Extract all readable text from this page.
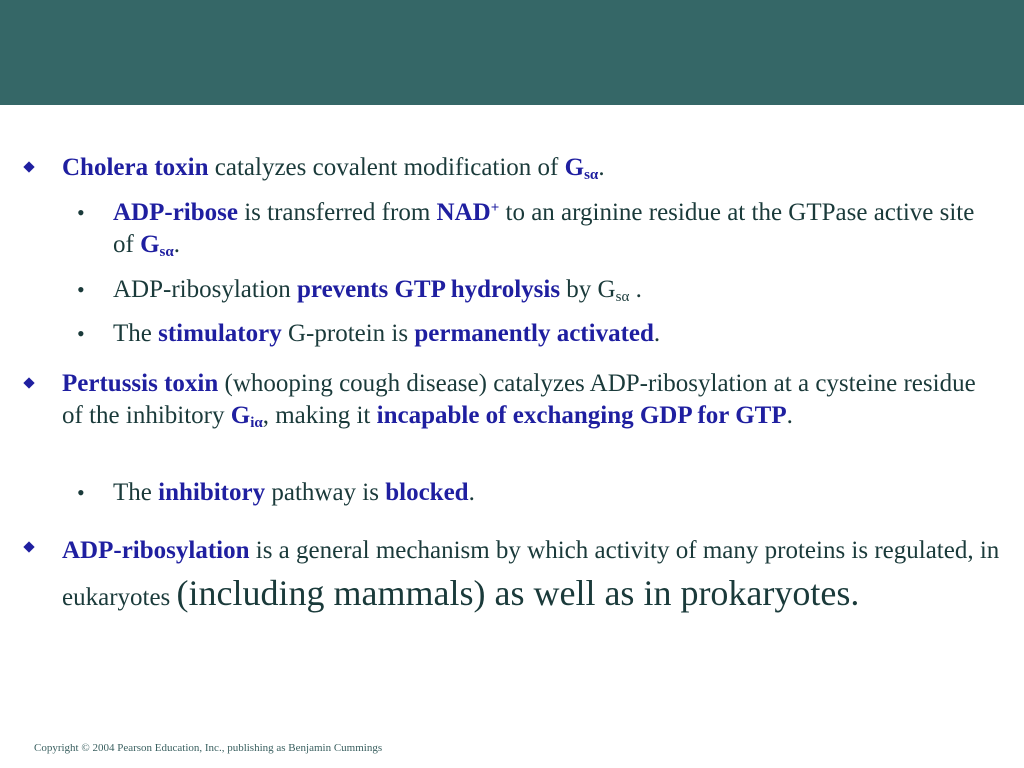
Cholera toxin catalyzes covalent modification of $G_{s\alpha}$.
• ADP-ribose is transferred from NAD+ to an arginine residue at the GTPase active site of $G_{s\alpha}$.
• ADP-ribosylation prevents GTP hydrolysis by $G_{s\alpha}$ .
• The stimulatory G-protein is permanently activated.
Pertussis toxin (whooping cough disease) catalyzes ADP-ribosylation at a cysteine residue of the inhibitory $G_{i\alpha}$, making it incapable of exchanging GDP for GTP.
• The inhibitory pathway is blocked.
ADP-ribosylation is a general mechanism by which activity of many proteins is regulated, in eukaryotes (including mammals) as well as in prokaryotes.
Copyright © 2004 Pearson Education, Inc., publishing as Benjamin Cummings
